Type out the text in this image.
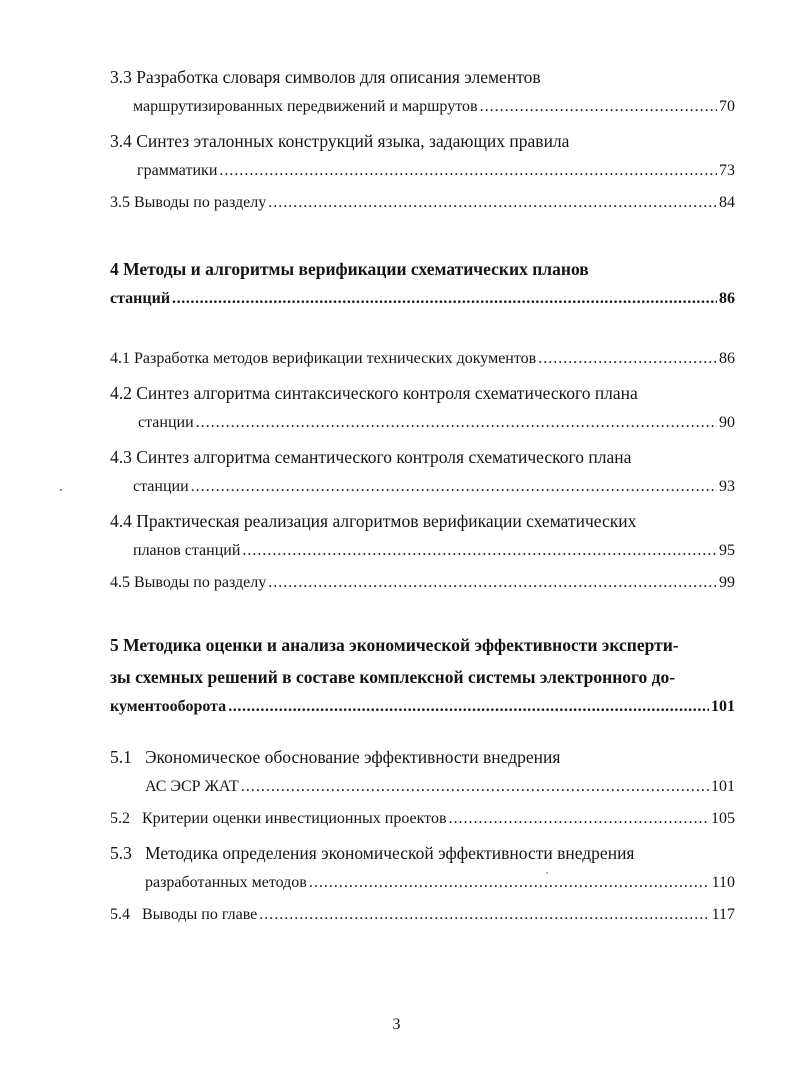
3.3 Разработка словаря символов для описания элементов
маршрутизированных передвижений и маршрутов .....	70
3.4 Синтез эталонных конструкций языка, задающих правила
грамматики .....	73
3.5 Выводы по разделу .....	84
4 Методы и алгоритмы верификации схематических планов
станций .....	86
4.1 Разработка методов верификации технических документов .....	86
4.2 Синтез алгоритма синтаксического контроля схематического плана
станции .....	90
4.3 Синтез алгоритма семантического контроля схематического плана
станции .....	93
4.4 Практическая реализация алгоритмов верификации схематических
планов станций .....	95
4.5 Выводы по разделу .....	99
5 Методика оценки и анализа экономической эффективности эксперти-
зы схемных решений в составе комплексной системы электронного до-
кументооборота .....	101
5.1   Экономическое обоснование эффективности внедрения
АС ЭСР ЖАТ .....	101
5.2   Критерии оценки инвестиционных проектов .....	105
5.3   Методика определения экономической эффективности внедрения
разработанных методов .....	110
5.4   Выводы по главе .....	117
3
